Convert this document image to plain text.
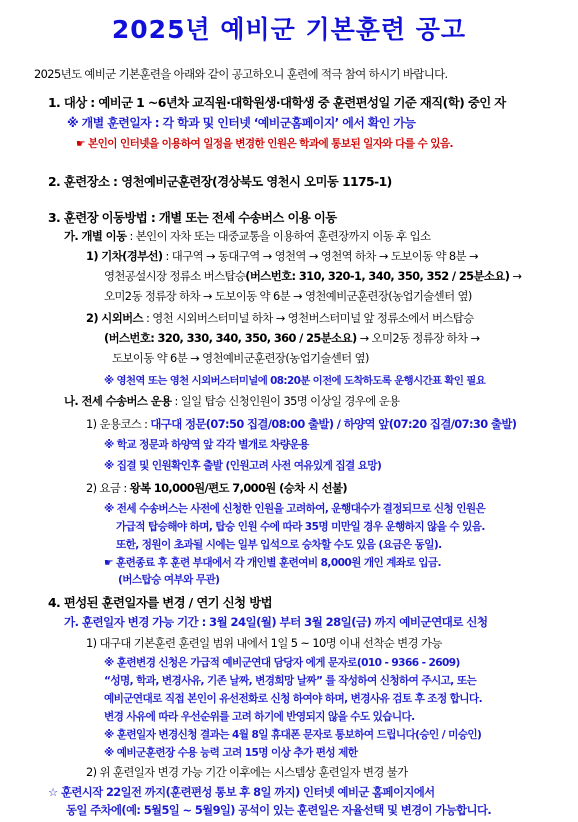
2025년 예비군 기본훈련 공고
2025년도 예비군 기본훈련을 아래와 같이 공고하오니 훈련에 적극 참여 하시기 바랍니다.
1. 대상 : 예비군 1 ~6년차 교직원·대학원생·대학생 중 훈련편성일 기준 재직(학) 중인 자
※ 개별 훈련일자 : 각 학과 및 인터넷 ‘예비군홈페이지’ 에서 확인 가능
☛ 본인이 인터넷을 이용하여 일정을 변경한 인원은 학과에 통보된 일자와 다를 수 있음.
2. 훈련장소 : 영천예비군훈련장(경상북도 영천시 오미동 1175-1)
3. 훈련장 이동방법 : 개별 또는 전세 수송버스 이용 이동
가. 개별 이동 : 본인이 자차 또는 대중교통을 이용하여 훈련장까지 이동 후 입소
1) 기차(경부선) : 대구역 → 동대구역 → 영천역 → 영천역 하차 → 도보이동 약 8분 →
영천공설시장 정류소 버스탑승(버스번호: 310, 320-1, 340, 350, 352 / 25분소요) →
오미2동 정류장 하차 → 도보이동 약 6분 → 영천예비군훈련장(농업기술센터 옆)
2) 시외버스 : 영천 시외버스터미널 하차 → 영천버스터미널 앞 정류소에서 버스탑승
(버스번호: 320, 330, 340, 350, 360 / 25분소요) → 오미2동 정류장 하차 →
도보이동 약 6분 → 영천예비군훈련장(농업기술센터 옆)
※ 영천역 또는 영천 시외버스터미널에 08:20분 이전에 도착하도록 운행시간표 확인 필요
나. 전세 수송버스 운용 : 일일 탑승 신청인원이 35명 이상일 경우에 운용
1) 운용코스 : 대구대 정문(07:50 집결/08:00 출발) / 하양역 앞(07:20 집결/07:30 출발)
※ 학교 정문과 하양역 앞 각각 별개로 차량운용
※ 집결 및 인원확인후 출발 (인원고려 사전 여유있게 집결 요망)
2) 요금 : 왕복 10,000원/편도 7,000원 (승차 시 선불)
※ 전세 수송버스는 사전에 신청한 인원을 고려하여, 운행대수가 결정되므로 신청 인원은
가급적 탑승해야 하며, 탑승 인원 수에 따라 35명 미만일 경우 운행하지 않을 수 있음.
또한, 정원이 초과될 시에는 일부 입석으로 승차할 수도 있음 (요금은 동일).
☛ 훈련종료 후 훈련 부대에서 각 개인별 훈련여비 8,000원 개인 계좌로 입금.
(버스탑승 여부와 무관)
4. 편성된 훈련일자를 변경 / 연기 신청 방법
가. 훈련일자 변경 가능 기간 : 3월 24일(월) 부터 3월 28일(금) 까지 예비군연대로 신청
1) 대구대 기본훈련 훈련일 범위 내에서 1일 5 ~ 10명 이내 선착순 변경 가능
※ 훈련변경 신청은 가급적 예비군연대 담당자 에게 문자로(010 - 9366 - 2609)
“성명, 학과, 변경사유, 기존 날짜, 변경희망 날짜” 를 작성하여 신청하여 주시고, 또는
예비군연대로 직접 본인이 유선전화로 신청 하여야 하며, 변경사유 검토 후 조정 합니다.
변경 사유에 따라 우선순위를 고려 하기에 반영되지 않을 수도 있습니다.
※ 훈련일자 변경신청 결과는 4월 8일 휴대폰 문자로 통보하여 드립니다(승인 / 미승인)
※ 예비군훈련장 수용 능력 고려 15명 이상 추가 편성 제한
2) 위 훈련일자 변경 가능 기간 이후에는 시스템상 훈련일자 변경 불가
☆ 훈련시작 22일전 까지(훈련편성 통보 후 8일 까지) 인터넷 예비군 홈페이지에서
동일 주차에(예: 5월5일 ~ 5월9일) 공석이 있는 훈련일은 자율선택 및 변경이 가능합니다.
